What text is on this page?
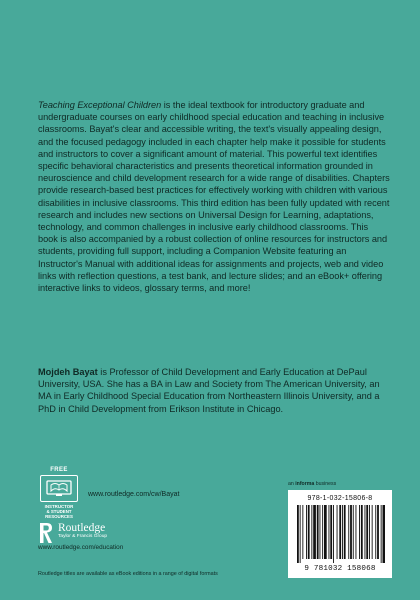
Teaching Exceptional Children is the ideal textbook for introductory graduate and undergraduate courses on early childhood special education and teaching in inclusive classrooms. Bayat's clear and accessible writing, the text's visually appealing design, and the focused pedagogy included in each chapter help make it possible for students and instructors to cover a significant amount of material. This powerful text identifies specific behavioral characteristics and presents theoretical information grounded in neuroscience and child development research for a wide range of disabilities. Chapters provide research-based best practices for effectively working with children with various disabilities in inclusive classrooms. This third edition has been fully updated with recent research and includes new sections on Universal Design for Learning, adaptations, technology, and common challenges in inclusive early childhood classrooms. This book is also accompanied by a robust collection of online resources for instructors and students, providing full support, including a Companion Website featuring an Instructor's Manual with additional ideas for assignments and projects, web and video links with reflection questions, a test bank, and lecture slides; and an eBook+ offering interactive links to videos, glossary terms, and more!

Mojdeh Bayat is Professor of Child Development and Early Education at DePaul University, USA. She has a BA in Law and Society from The American University, an MA in Early Childhood Special Education from Northeastern Illinois University, and a PhD in Child Development from Erikson Institute in Chicago.

FREE
INSTRUCTOR
& STUDENT
RESOURCES
www.routledge.com/cw/Bayat
Routledge
Taylor & Francis Group
www.routledge.com/education
Routledge titles are available as eBook editions in a range of digital formats
an informa business
978-1-032-15806-8
9 781032 158068
